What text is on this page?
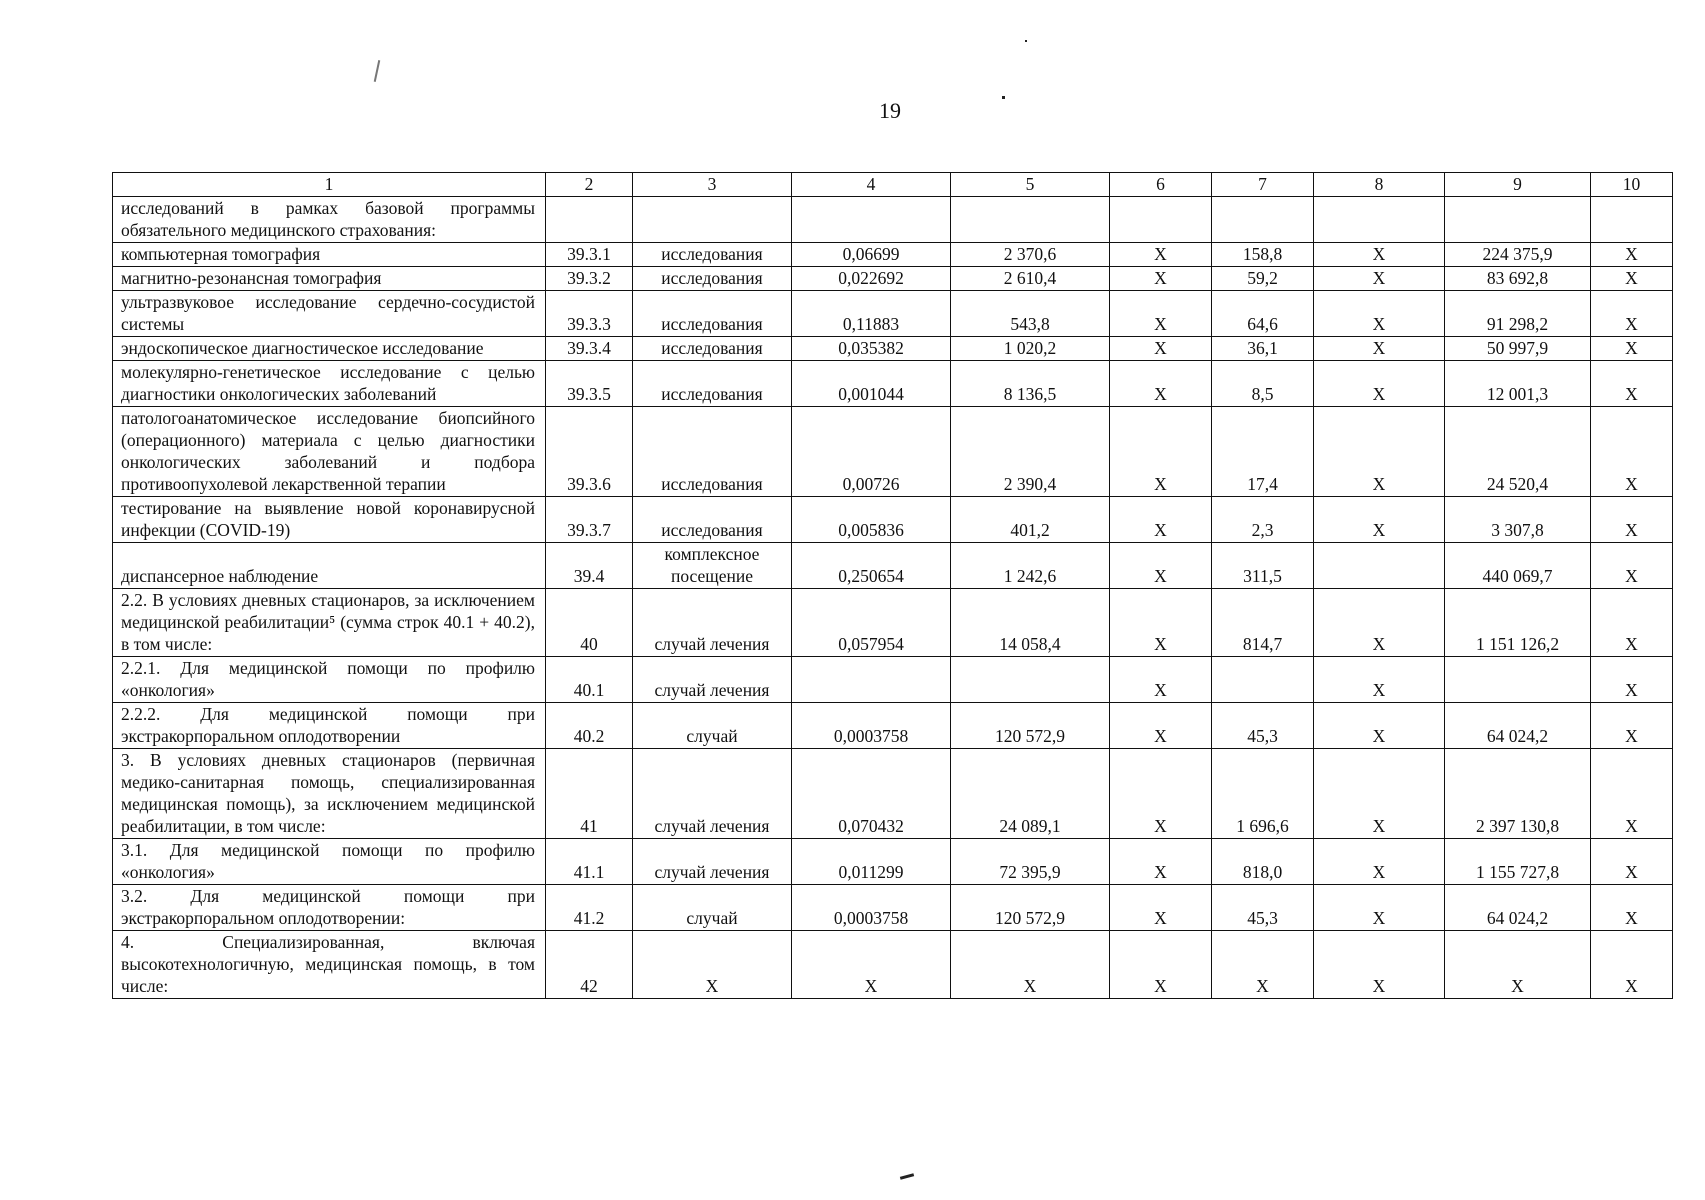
19
1	2	3	4	5	6	7	8	9	10
исследований в рамках базовой программы обязательного медицинского страхования:									
компьютерная томография	39.3.1	исследования	0,06699	2 370,6	Х	158,8	Х	224 375,9	Х
магнитно-резонансная томография	39.3.2	исследования	0,022692	2 610,4	Х	59,2	Х	83 692,8	Х
ультразвуковое исследование сердечно-сосудистой системы	39.3.3	исследования	0,11883	543,8	Х	64,6	Х	91 298,2	Х
эндоскопическое диагностическое исследование	39.3.4	исследования	0,035382	1 020,2	Х	36,1	Х	50 997,9	Х
молекулярно-генетическое исследование с целью диагностики онкологических заболеваний	39.3.5	исследования	0,001044	8 136,5	Х	8,5	Х	12 001,3	Х
патологоанатомическое исследование биопсийного (операционного) материала с целью диагностики онкологических заболеваний и подбора противоопухолевой лекарственной терапии	39.3.6	исследования	0,00726	2 390,4	Х	17,4	Х	24 520,4	Х
тестирование на выявление новой коронавирусной инфекции (COVID-19)	39.3.7	исследования	0,005836	401,2	Х	2,3	Х	3 307,8	Х
диспансерное наблюдение	39.4	комплексное посещение	0,250654	1 242,6	Х	311,5		440 069,7	Х
2.2. В условиях дневных стационаров, за исключением медицинской реабилитации⁵ (сумма строк 40.1 + 40.2), в том числе:	40	случай лечения	0,057954	14 058,4	Х	814,7	Х	1 151 126,2	Х
2.2.1. Для медицинской помощи по профилю «онкология»	40.1	случай лечения			Х		Х		Х
2.2.2. Для медицинской помощи при экстракорпоральном оплодотворении	40.2	случай	0,0003758	120 572,9	Х	45,3	Х	64 024,2	Х
3. В условиях дневных стационаров (первичная медико-санитарная помощь, специализированная медицинская помощь), за исключением медицинской реабилитации, в том числе:	41	случай лечения	0,070432	24 089,1	Х	1 696,6	Х	2 397 130,8	Х
3.1. Для медицинской помощи по профилю «онкология»	41.1	случай лечения	0,011299	72 395,9	Х	818,0	Х	1 155 727,8	Х
3.2. Для медицинской помощи при экстракорпоральном оплодотворении:	41.2	случай	0,0003758	120 572,9	Х	45,3	Х	64 024,2	Х
4. Специализированная, включая высокотехнологичную, медицинская помощь, в том числе:	42	Х	Х	Х	Х	Х	Х	Х	Х
